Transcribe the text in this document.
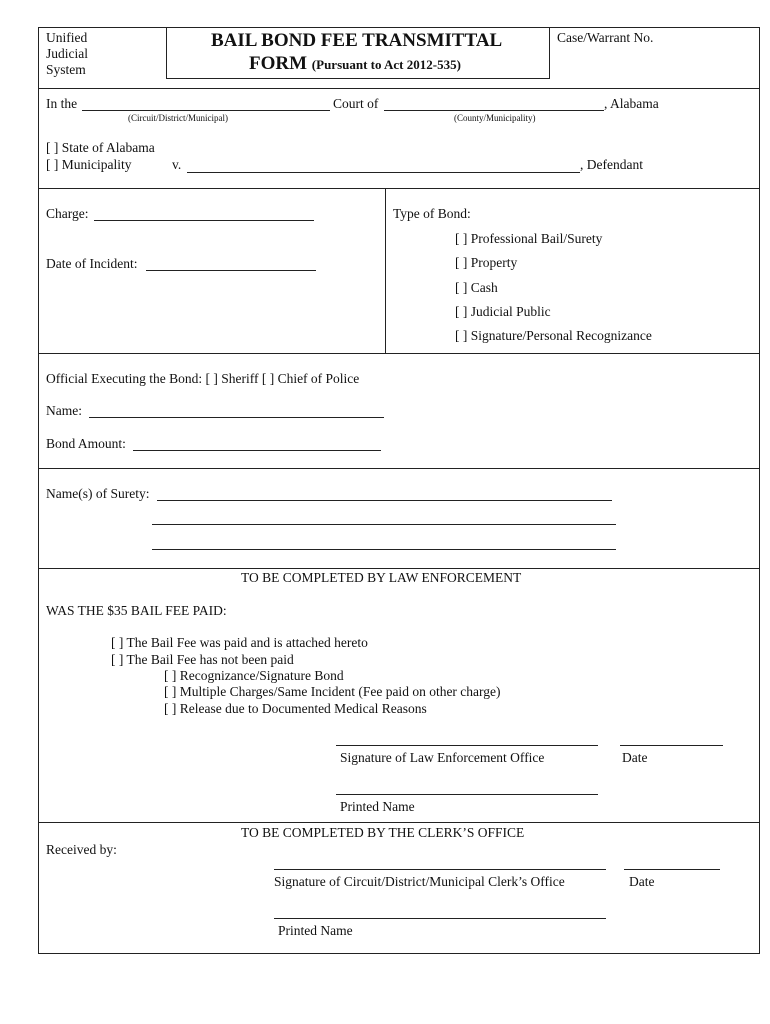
Unified
Judicial
System
BAIL BOND FEE TRANSMITTAL
FORM (Pursuant to Act 2012-535)
Case/Warrant No.
In the	Court of	, Alabama
(Circuit/District/Municipal)	(County/Municipality)
[ ] State of Alabama
[ ] Municipality	v.	, Defendant
Charge:
Date of Incident:
Type of Bond:
[ ] Professional Bail/Surety
[ ] Property
[ ] Cash
[ ] Judicial Public
[ ] Signature/Personal Recognizance
Official Executing the Bond: [ ] Sheriff [ ] Chief of Police
Name:
Bond Amount:
Name(s) of Surety:
TO BE COMPLETED BY LAW ENFORCEMENT
WAS THE $35 BAIL FEE PAID:
[ ] The Bail Fee was paid and is attached hereto
[ ] The Bail Fee has not been paid
[ ] Recognizance/Signature Bond
[ ] Multiple Charges/Same Incident (Fee paid on other charge)
[ ] Release due to Documented Medical Reasons
Signature of Law Enforcement Office	Date
Printed Name
TO BE COMPLETED BY THE CLERK’S OFFICE
Received by:
Signature of Circuit/District/Municipal Clerk’s Office	Date
Printed Name
